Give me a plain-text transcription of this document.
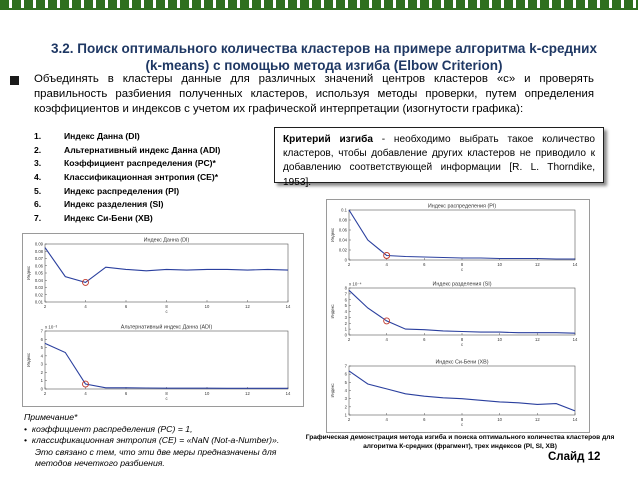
3.2. Поиск оптимального количества кластеров на примере алгоритма k-средних (k-means) с помощью метода изгиба (Elbow Criterion)
Объединять в кластеры данные для различных значений центров кластеров «c» и проверять правильность разбиения полученных кластеров, используя методы проверки, путем определения коэффициентов и индексов с учетом их графической интерпретации (изогнутости графика):
1.	Индекс Данна (DI)
2.	Альтернативный индекс Данна (ADI)
3.	Коэффициент распределения (PC)*
4.	Классификационная энтропия (CE)*
5.	Индекс распределения (PI)
6.	Индекс разделения (SI)
7.	Индекс Си-Бени (XB)
Критерий изгиба - необходимо выбрать такое количество кластеров, чтобы добавление других кластеров не приводило к добавлению соответствующей информации [R. L. Thorndike, 1953].
Индекс Данна (DI)
0.01
0.02
0.03
0.04
0.05
0.06
0.07
0.08
0.09
2	4	6	8	10	12	14
c
Индекс
Альтернативный индекс Данна (ADI)
x 10⁻³
0
1
2
3
4
5
6
7
2	4	6	8	10	12	14
c
Индекс
Индекс распределения (PI)
0
0.02
0.04
0.06
0.08
0.1
2	4	6	8	10	12	14
c
Индекс
Индекс разделения (SI)
x 10⁻⁴
0
1
2
3
4
5
6
7
8
2	4	6	8	10	12	14
c
Индекс
Индекс Си-Бени (XB)
1
2
3
4
5
6
7
2	4	6	8	10	12	14
c
Индекс
Примечание*
•  коэффициент распределения (PC) = 1,
•  классификационная энтропия (CE) = «NaN (Not-a-Number)». Это связано с тем, что эти две меры предназначены для методов нечеткого разбиения.
Графическая демонстрация метода изгиба и поиска оптимального количества кластеров для алгоритма К-средних (фрагмент), трех индексов (PI, SI, XB)
Слайд 12
